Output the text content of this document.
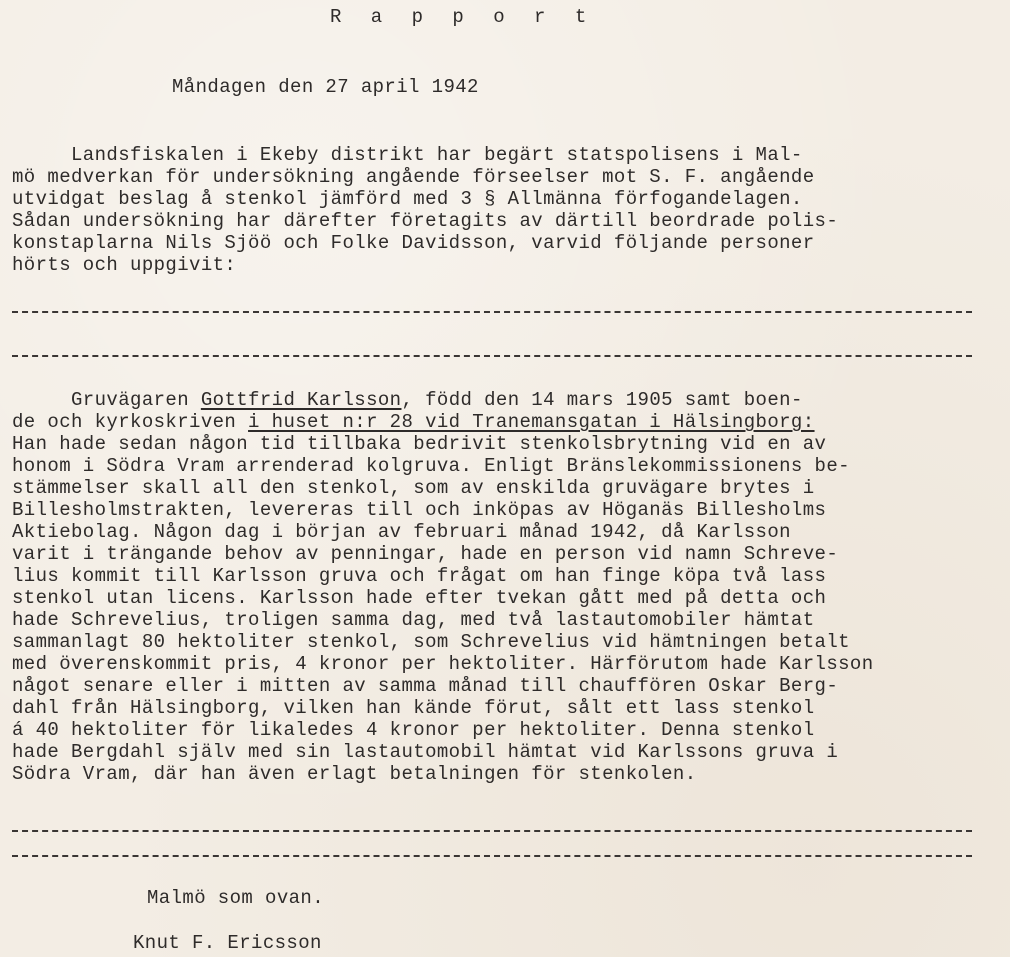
R a p p o r t
Måndagen den 27 april 1942
Landsfiskalen i Ekeby distrikt har begärt statspolisens i Mal-
mö medverkan för undersökning angående förseelser mot S. F. angående
utvidgat beslag å stenkol jämförd med 3 § Allmänna förfogandelagen.
Sådan undersökning har därefter företagits av därtill beordrade polis-
konstaplarna Nils Sjöö och Folke Davidsson, varvid följande personer
hörts och uppgivit:
Gruvägaren Gottfrid Karlsson, född den 14 mars 1905 samt boen-
de och kyrkoskriven i huset n:r 28 vid Tranemansgatan i Hälsingborg:
Han hade sedan någon tid tillbaka bedrivit stenkolsbrytning vid en av
honom i Södra Vram arrenderad kolgruva. Enligt Bränslekommissionens be-
stämmelser skall all den stenkol, som av enskilda gruvägare brytes i
Billesholmstrakten, levereras till och inköpas av Höganäs Billesholms
Aktiebolag. Någon dag i början av februari månad 1942, då Karlsson
varit i trängande behov av penningar, hade en person vid namn Schreve-
lius kommit till Karlsson gruva och frågat om han finge köpa två lass
stenkol utan licens. Karlsson hade efter tvekan gått med på detta och
hade Schrevelius, troligen samma dag, med två lastautomobiler hämtat
sammanlagt 80 hektoliter stenkol, som Schrevelius vid hämtningen betalt
med överenskommit pris, 4 kronor per hektoliter. Härförutom hade Karlsson
något senare eller i mitten av samma månad till chauffören Oskar Berg-
dahl från Hälsingborg, vilken han kände förut, sålt ett lass stenkol
á 40 hektoliter för likaledes 4 kronor per hektoliter. Denna stenkol
hade Bergdahl själv med sin lastautomobil hämtat vid Karlssons gruva i
Södra Vram, där han även erlagt betalningen för stenkolen.
Malmö som ovan.
Knut F. Ericsson
